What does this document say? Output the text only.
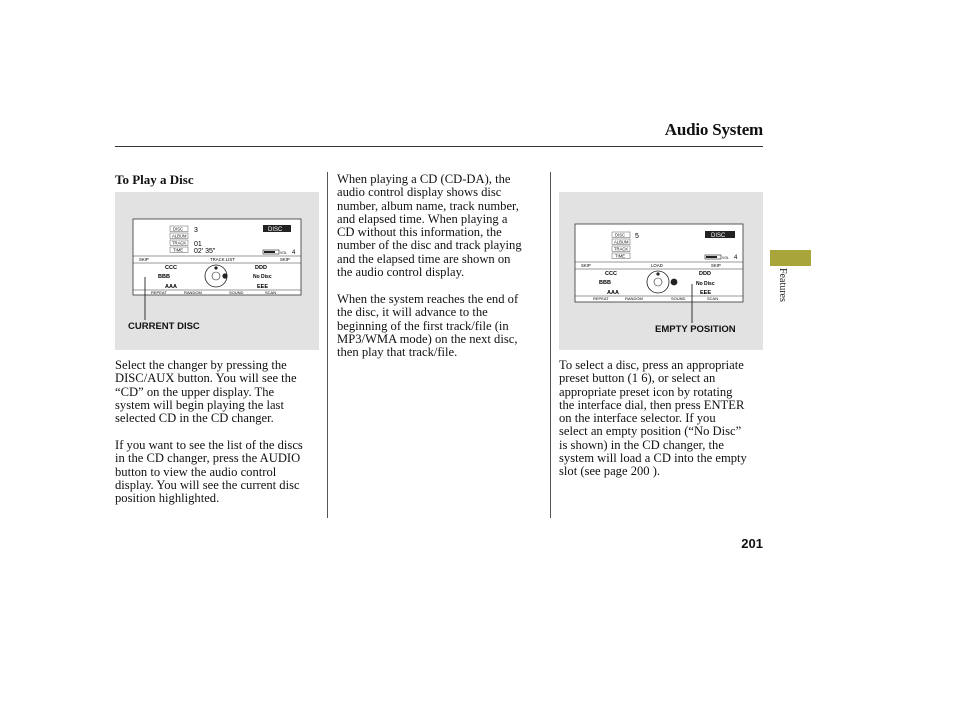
Audio System
Features
To Play a Disc
DISC
ALBUM
TRACK
TIME
3
01
02' 35"
DISC
VOL 4
SKIP	TRACK LIST	SKIP
CCC	DDD
BBB	No Disc
AAA	EEE
REPEAT	RANDOM	SOUND	SCAN
CURRENT DISC
Select the changer by pressing the
DISC/AUX button. You will see the
“CD” on the upper display. The
system will begin playing the last
selected CD in the CD changer.
If you want to see the list of the discs
in the CD changer, press the AUDIO
button to view the audio control
display. You will see the current disc
position highlighted.
When playing a CD (CD-DA), the
audio control display shows disc
number, album name, track number,
and elapsed time. When playing a
CD without this information, the
number of the disc and track playing
and the elapsed time are shown on
the audio control display.
When the system reaches the end of
the disc, it will advance to the
beginning of the first track/file (in
MP3/WMA mode) on the next disc,
then play that track/file.
DISC
ALBUM
TRACK
TIME
5	DISC
VOL 4
SKIP	LOAD	SKIP
CCC	DDD
BBB	No Disc
AAA	EEE
REPEAT	RANDOM	SOUND	SCAN
EMPTY POSITION
To select a disc, press an appropriate
preset button (1 6), or select an
appropriate preset icon by rotating
the interface dial, then press ENTER
on the interface selector. If you
select an empty position (“No Disc”
is shown) in the CD changer, the
system will load a CD into the empty
slot (see page 200 ).
201
